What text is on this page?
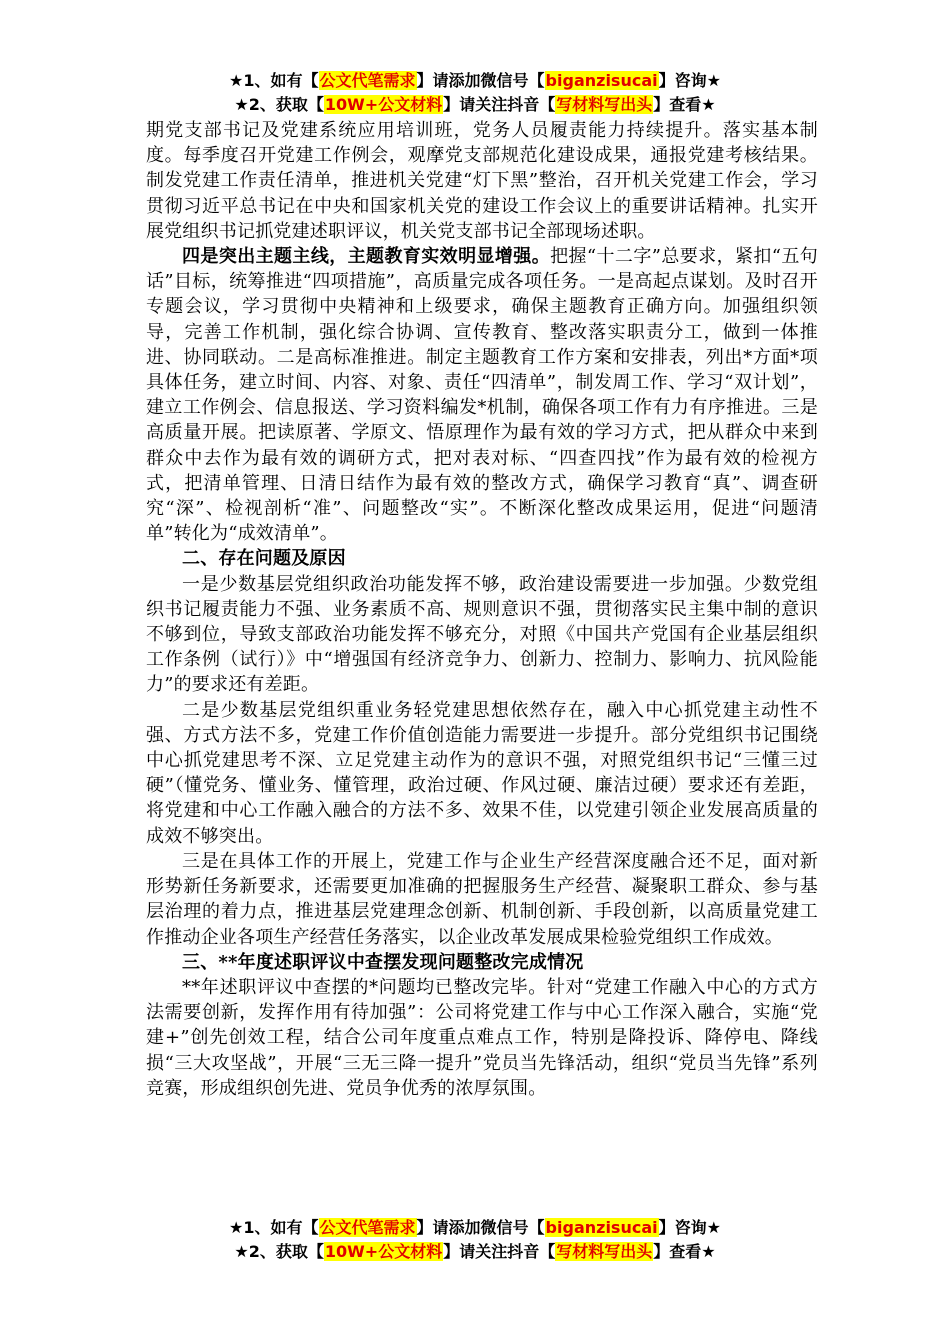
★1、如有【公文代笔需求】请添加微信号【biganzisucai】咨询★
★2、获取【10W+公文材料】请关注抖音【写材料写出头】查看★

期党支部书记及党建系统应用培训班，党务人员履责能力持续提升。落实基本制度。每季度召开党建工作例会，观摩党支部规范化建设成果，通报党建考核结果。制发党建工作责任清单，推进机关党建“灯下黑”整治，召开机关党建工作会，学习贯彻习近平总书记在中央和国家机关党的建设工作会议上的重要讲话精神。扎实开展党组织书记抓党建述职评议，机关党支部书记全部现场述职。

四是突出主题主线，主题教育实效明显增强。把握“十二字”总要求，紧扣“五句话”目标，统筹推进“四项措施”，高质量完成各项任务。一是高起点谋划。及时召开专题会议，学习贯彻中央精神和上级要求，确保主题教育正确方向。加强组织领导，完善工作机制，强化综合协调、宣传教育、整改落实职责分工，做到一体推进、协同联动。二是高标准推进。制定主题教育工作方案和安排表，列出*方面*项具体任务，建立时间、内容、对象、责任“四清单”，制发周工作、学习“双计划”，建立工作例会、信息报送、学习资料编发*机制，确保各项工作有力有序推进。三是高质量开展。把读原著、学原文、悟原理作为最有效的学习方式，把从群众中来到群众中去作为最有效的调研方式，把对表对标、“四查四找”作为最有效的检视方式，把清单管理、日清日结作为最有效的整改方式，确保学习教育“真”、调查研究“深”、检视剖析“准”、问题整改“实”。不断深化整改成果运用，促进“问题清单”转化为“成效清单”。

二、存在问题及原因

一是少数基层党组织政治功能发挥不够，政治建设需要进一步加强。少数党组织书记履责能力不强、业务素质不高、规则意识不强，贯彻落实民主集中制的意识不够到位，导致支部政治功能发挥不够充分，对照《中国共产党国有企业基层组织工作条例（试行）》中“增强国有经济竞争力、创新力、控制力、影响力、抗风险能力”的要求还有差距。

二是少数基层党组织重业务轻党建思想依然存在，融入中心抓党建主动性不强、方式方法不多，党建工作价值创造能力需要进一步提升。部分党组织书记围绕中心抓党建思考不深、立足党建主动作为的意识不强，对照党组织书记“三懂三过硬”（懂党务、懂业务、懂管理，政治过硬、作风过硬、廉洁过硬）要求还有差距，将党建和中心工作融入融合的方法不多、效果不佳，以党建引领企业发展高质量的成效不够突出。

三是在具体工作的开展上，党建工作与企业生产经营深度融合还不足，面对新形势新任务新要求，还需要更加准确的把握服务生产经营、凝聚职工群众、参与基层治理的着力点，推进基层党建理念创新、机制创新、手段创新，以高质量党建工作推动企业各项生产经营任务落实，以企业改革发展成果检验党组织工作成效。

三、**年度述职评议中查摆发现问题整改完成情况

**年述职评议中查摆的*问题均已整改完毕。针对“党建工作融入中心的方式方法需要创新，发挥作用有待加强”：公司将党建工作与中心工作深入融合，实施“党建+”创先创效工程，结合公司年度重点难点工作，特别是降投诉、降停电、降线损“三大攻坚战”，开展“三无三降一提升”党员当先锋活动，组织“党员当先锋”系列竞赛，形成组织创先进、党员争优秀的浓厚氛围。

★1、如有【公文代笔需求】请添加微信号【biganzisucai】咨询★
★2、获取【10W+公文材料】请关注抖音【写材料写出头】查看★
